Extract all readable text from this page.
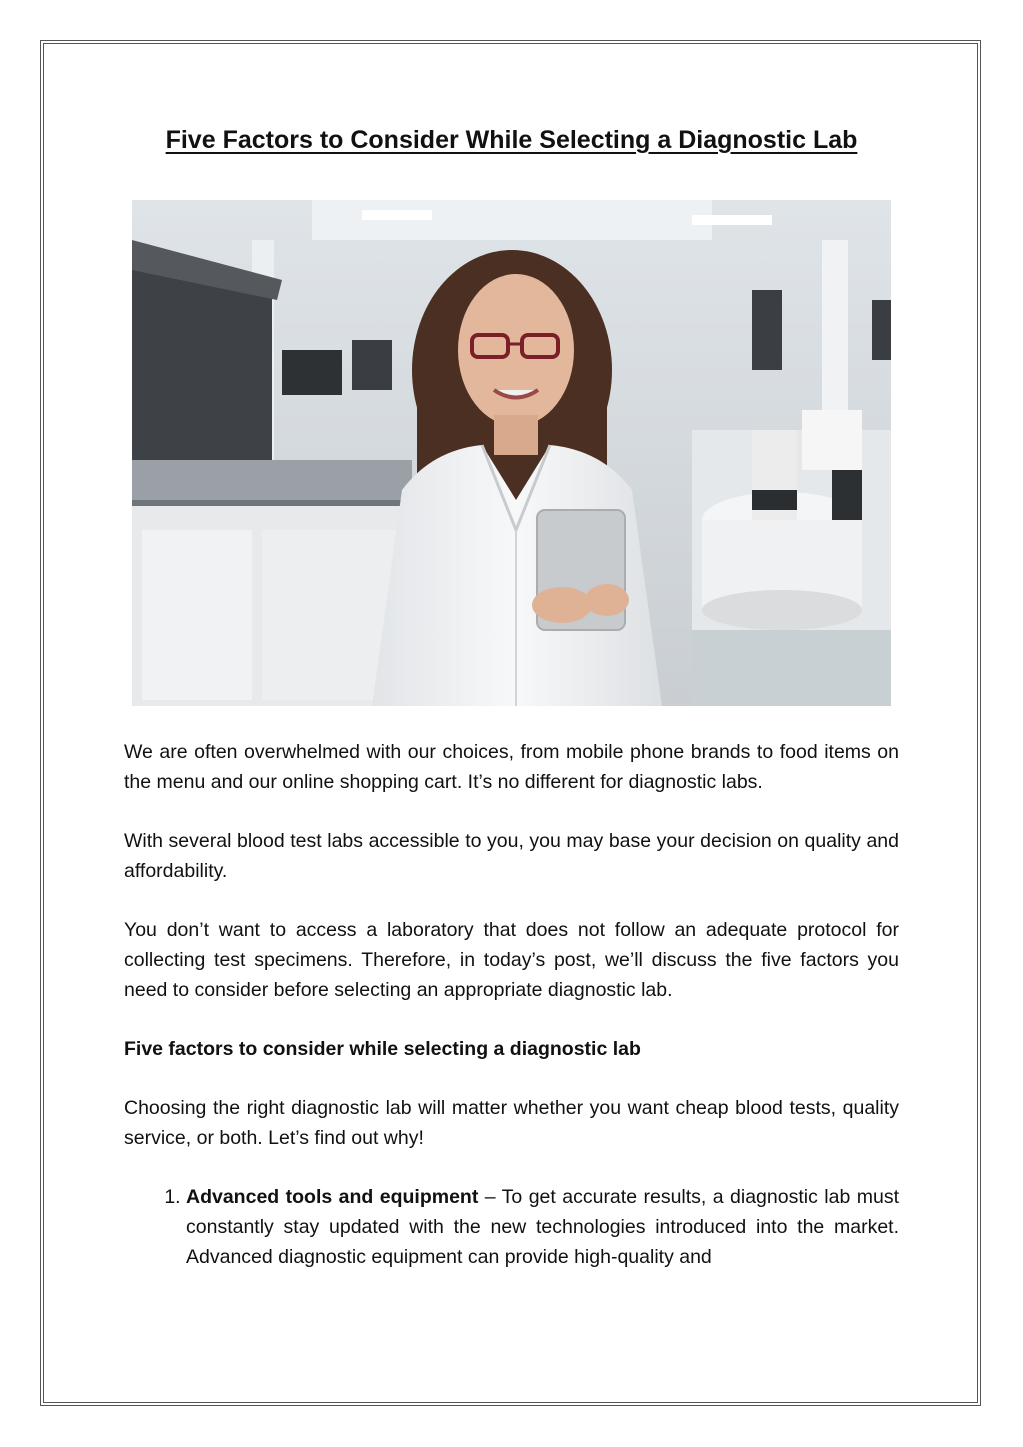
Five Factors to Consider While Selecting a Diagnostic Lab

We are often overwhelmed with our choices, from mobile phone brands to food items on the menu and our online shopping cart. It’s no different for diagnostic labs.

With several blood test labs accessible to you, you may base your decision on quality and affordability.

You don’t want to access a laboratory that does not follow an adequate protocol for collecting test specimens. Therefore, in today’s post, we’ll discuss the five factors you need to consider before selecting an appropriate diagnostic lab.

Five factors to consider while selecting a diagnostic lab

Choosing the right diagnostic lab will matter whether you want cheap blood tests, quality service, or both. Let’s find out why!

1. Advanced tools and equipment – To get accurate results, a diagnostic lab must constantly stay updated with the new technologies introduced into the market. Advanced diagnostic equipment can provide high-quality and
